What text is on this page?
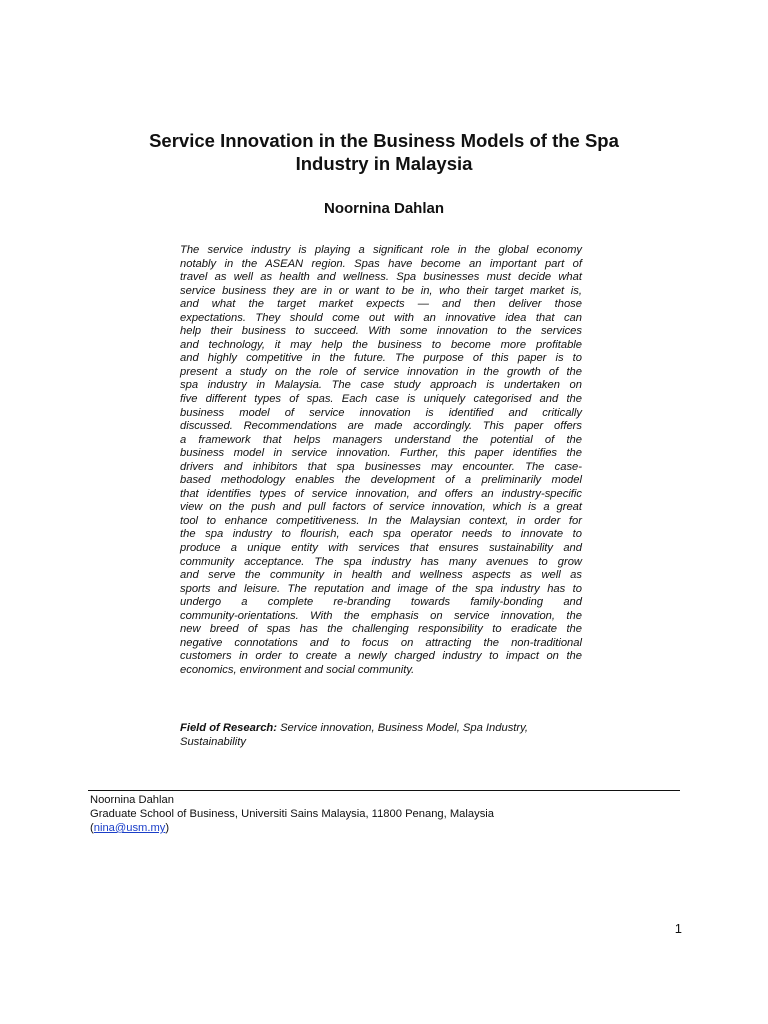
Service Innovation in the Business Models of the Spa
Industry in Malaysia
Noornina Dahlan
The service industry is playing a significant role in the global economy
notably in the ASEAN region. Spas have become an important part of
travel as well as health and wellness. Spa businesses must decide what
service business they are in or want to be in, who their target market is,
and what the target market expects — and then deliver those
expectations. They should come out with an innovative idea that can
help their business to succeed. With some innovation to the services
and technology, it may help the business to become more profitable
and highly competitive in the future. The purpose of this paper is to
present a study on the role of service innovation in the growth of the
spa industry in Malaysia. The case study approach is undertaken on
five different types of spas. Each case is uniquely categorised and the
business model of service innovation is identified and critically
discussed. Recommendations are made accordingly. This paper offers
a framework that helps managers understand the potential of the
business model in service innovation. Further, this paper identifies the
drivers and inhibitors that spa businesses may encounter. The case-
based methodology enables the development of a preliminarily model
that identifies types of service innovation, and offers an industry-specific
view on the push and pull factors of service innovation, which is a great
tool to enhance competitiveness. In the Malaysian context, in order for
the spa industry to flourish, each spa operator needs to innovate to
produce a unique entity with services that ensures sustainability and
community acceptance. The spa industry has many avenues to grow
and serve the community in health and wellness aspects as well as
sports and leisure. The reputation and image of the spa industry has to
undergo a complete re-branding towards family-bonding and
community-orientations. With the emphasis on service innovation, the
new breed of spas has the challenging responsibility to eradicate the
negative connotations and to focus on attracting the non-traditional
customers in order to create a newly charged industry to impact on the
economics, environment and social community.
Field of Research: Service innovation, Business Model, Spa Industry,
Sustainability
Noornina Dahlan
Graduate School of Business, Universiti Sains Malaysia, 11800 Penang, Malaysia
(nina@usm.my)
1
